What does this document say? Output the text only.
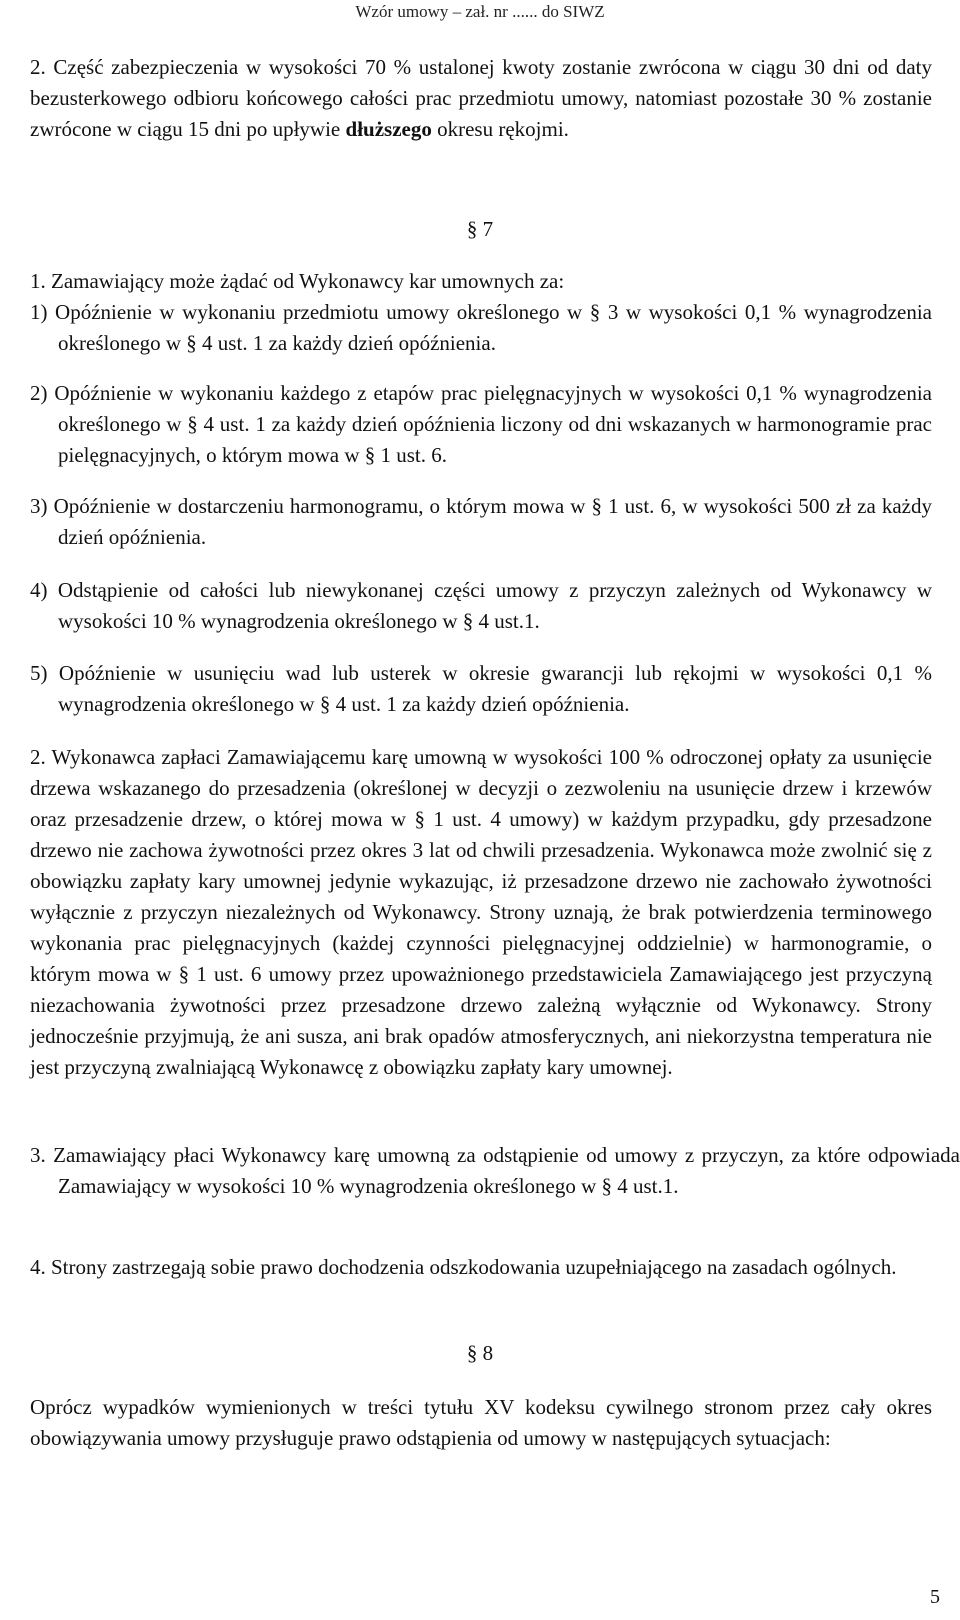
Wzór umowy – zał. nr ...... do SIWZ
2. Część zabezpieczenia w wysokości 70 % ustalonej kwoty zostanie zwrócona w ciągu 30 dni od daty bezusterkowego odbioru końcowego całości prac przedmiotu umowy, natomiast pozostałe 30 % zostanie zwrócone w ciągu 15 dni po upływie dłuższego okresu rękojmi.
§ 7
1. Zamawiający może żądać od Wykonawcy kar umownych za:
1) Opóźnienie w wykonaniu przedmiotu umowy określonego w § 3 w wysokości 0,1 % wynagrodzenia określonego w § 4 ust. 1 za każdy dzień opóźnienia.
2) Opóźnienie w wykonaniu każdego z etapów prac pielęgnacyjnych w wysokości 0,1 % wynagrodzenia określonego w § 4 ust. 1 za każdy dzień opóźnienia liczony od dni wskazanych w harmonogramie prac pielęgnacyjnych, o którym mowa w § 1 ust. 6.
3) Opóźnienie w dostarczeniu harmonogramu, o którym mowa w § 1 ust. 6, w wysokości 500 zł za każdy dzień opóźnienia.
4) Odstąpienie od całości lub niewykonanej części umowy z przyczyn zależnych od Wykonawcy w wysokości 10 % wynagrodzenia określonego w § 4 ust.1.
5) Opóźnienie w usunięciu wad lub usterek w okresie gwarancji lub rękojmi w wysokości 0,1 % wynagrodzenia określonego w § 4 ust. 1 za każdy dzień opóźnienia.
2. Wykonawca zapłaci Zamawiającemu karę umowną w wysokości 100 % odroczonej opłaty za usunięcie drzewa wskazanego do przesadzenia (określonej w decyzji o zezwoleniu na usunięcie drzew i krzewów oraz przesadzenie drzew, o której mowa w § 1 ust. 4 umowy) w każdym przypadku, gdy przesadzone drzewo nie zachowa żywotności przez okres 3 lat od chwili przesadzenia. Wykonawca może zwolnić się z obowiązku zapłaty kary umownej jedynie wykazując, iż przesadzone drzewo nie zachowało żywotności wyłącznie z przyczyn niezależnych od Wykonawcy. Strony uznają, że brak potwierdzenia terminowego wykonania prac pielęgnacyjnych (każdej czynności pielęgnacyjnej oddzielnie) w harmonogramie, o którym mowa w § 1 ust. 6 umowy przez upoważnionego przedstawiciela Zamawiającego jest przyczyną niezachowania żywotności przez przesadzone drzewo zależną wyłącznie od Wykonawcy. Strony jednocześnie przyjmują, że ani susza, ani brak opadów atmosferycznych, ani niekorzystna temperatura nie jest przyczyną zwalniającą Wykonawcę z obowiązku zapłaty kary umownej.
3. Zamawiający płaci Wykonawcy karę umowną za odstąpienie od umowy z przyczyn, za które odpowiada Zamawiający w wysokości 10 % wynagrodzenia określonego w § 4 ust.1.
4. Strony zastrzegają sobie prawo dochodzenia odszkodowania uzupełniającego na zasadach ogólnych.
§ 8
Oprócz wypadków wymienionych w treści tytułu XV kodeksu cywilnego stronom przez cały okres obowiązywania umowy przysługuje prawo odstąpienia od umowy w następujących sytuacjach:
5
